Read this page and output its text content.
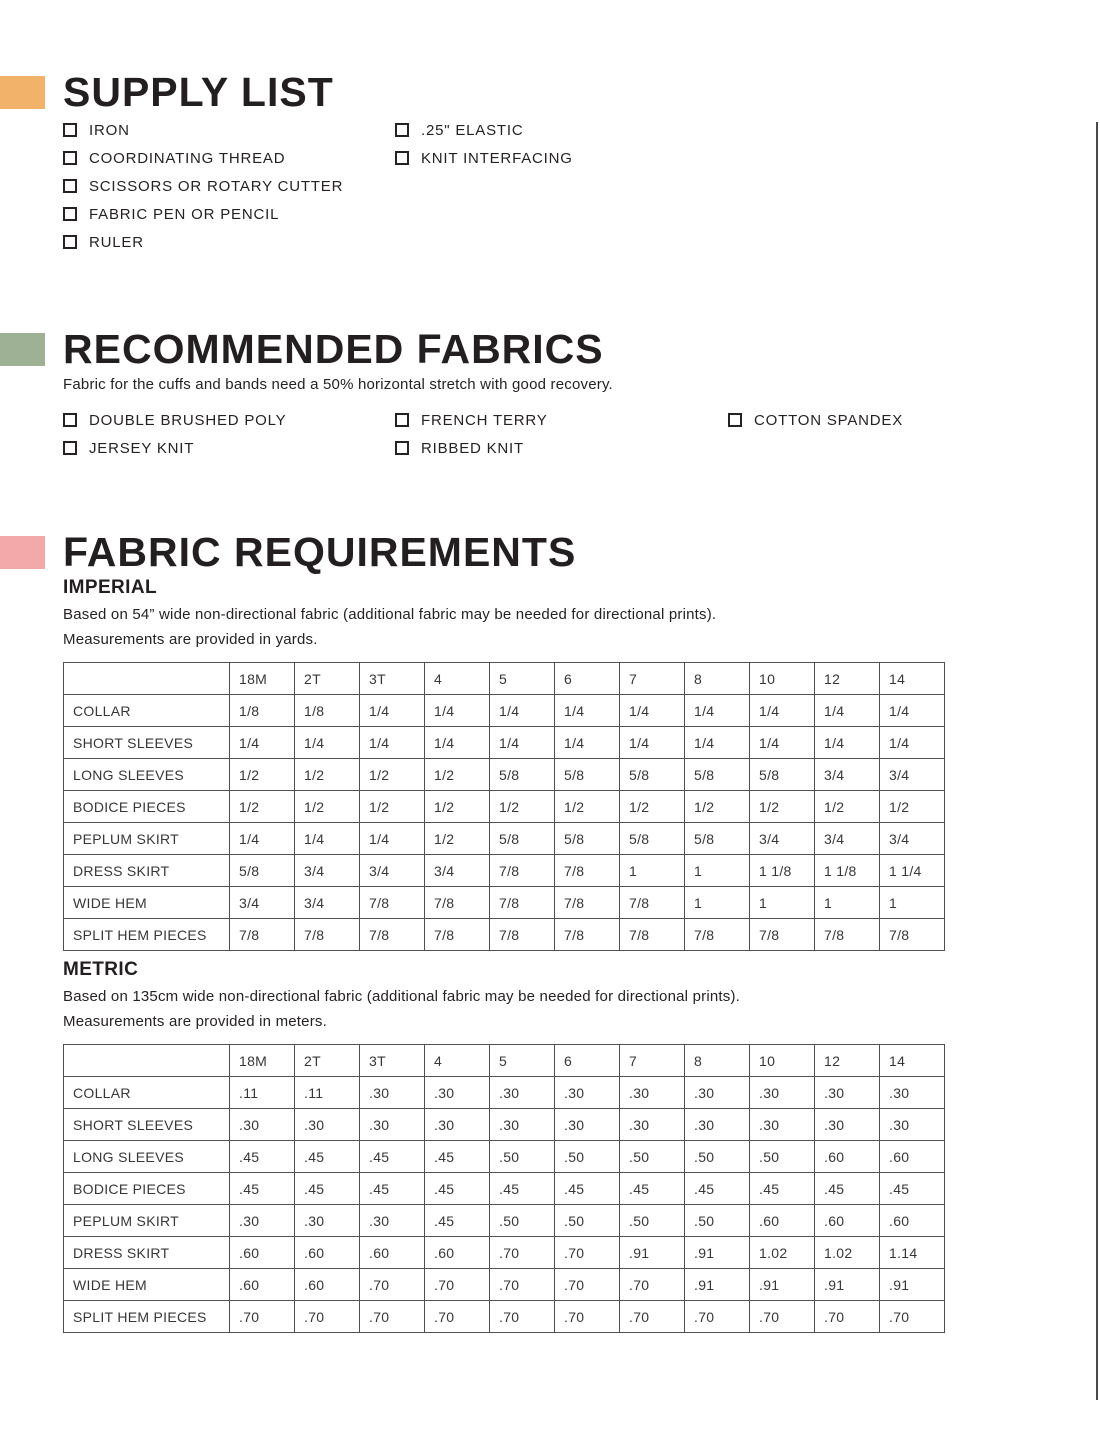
SUPPLY LIST
IRON
COORDINATING THREAD
SCISSORS OR ROTARY CUTTER
FABRIC PEN OR PENCIL
RULER
.25" ELASTIC
KNIT INTERFACING
RECOMMENDED FABRICS
Fabric for the cuffs and bands need a 50% horizontal stretch with good recovery.
DOUBLE BRUSHED POLY
JERSEY KNIT
FRENCH TERRY
RIBBED KNIT
COTTON SPANDEX
FABRIC REQUIREMENTS
IMPERIAL
Based on 54” wide non-directional fabric (additional fabric may be needed for directional prints).
Measurements are provided in yards.
	18M	2T	3T	4	5	6	7	8	10	12	14
COLLAR	1/8	1/8	1/4	1/4	1/4	1/4	1/4	1/4	1/4	1/4	1/4
SHORT SLEEVES	1/4	1/4	1/4	1/4	1/4	1/4	1/4	1/4	1/4	1/4	1/4
LONG SLEEVES	1/2	1/2	1/2	1/2	5/8	5/8	5/8	5/8	5/8	3/4	3/4
BODICE PIECES	1/2	1/2	1/2	1/2	1/2	1/2	1/2	1/2	1/2	1/2	1/2
PEPLUM SKIRT	1/4	1/4	1/4	1/2	5/8	5/8	5/8	5/8	3/4	3/4	3/4
DRESS SKIRT	5/8	3/4	3/4	3/4	7/8	7/8	1	1	1 1/8	1 1/8	1 1/4
WIDE HEM	3/4	3/4	7/8	7/8	7/8	7/8	7/8	1	1	1	1
SPLIT HEM PIECES	7/8	7/8	7/8	7/8	7/8	7/8	7/8	7/8	7/8	7/8	7/8
METRIC
Based on 135cm wide non-directional fabric (additional fabric may be needed for directional prints).
Measurements are provided in meters.
	18M	2T	3T	4	5	6	7	8	10	12	14
COLLAR	.11	.11	.30	.30	.30	.30	.30	.30	.30	.30	.30
SHORT SLEEVES	.30	.30	.30	.30	.30	.30	.30	.30	.30	.30	.30
LONG SLEEVES	.45	.45	.45	.45	.50	.50	.50	.50	.50	.60	.60
BODICE PIECES	.45	.45	.45	.45	.45	.45	.45	.45	.45	.45	.45
PEPLUM SKIRT	.30	.30	.30	.45	.50	.50	.50	.50	.60	.60	.60
DRESS SKIRT	.60	.60	.60	.60	.70	.70	.91	.91	1.02	1.02	1.14
WIDE HEM	.60	.60	.70	.70	.70	.70	.70	.91	.91	.91	.91
SPLIT HEM PIECES	.70	.70	.70	.70	.70	.70	.70	.70	.70	.70	.70
